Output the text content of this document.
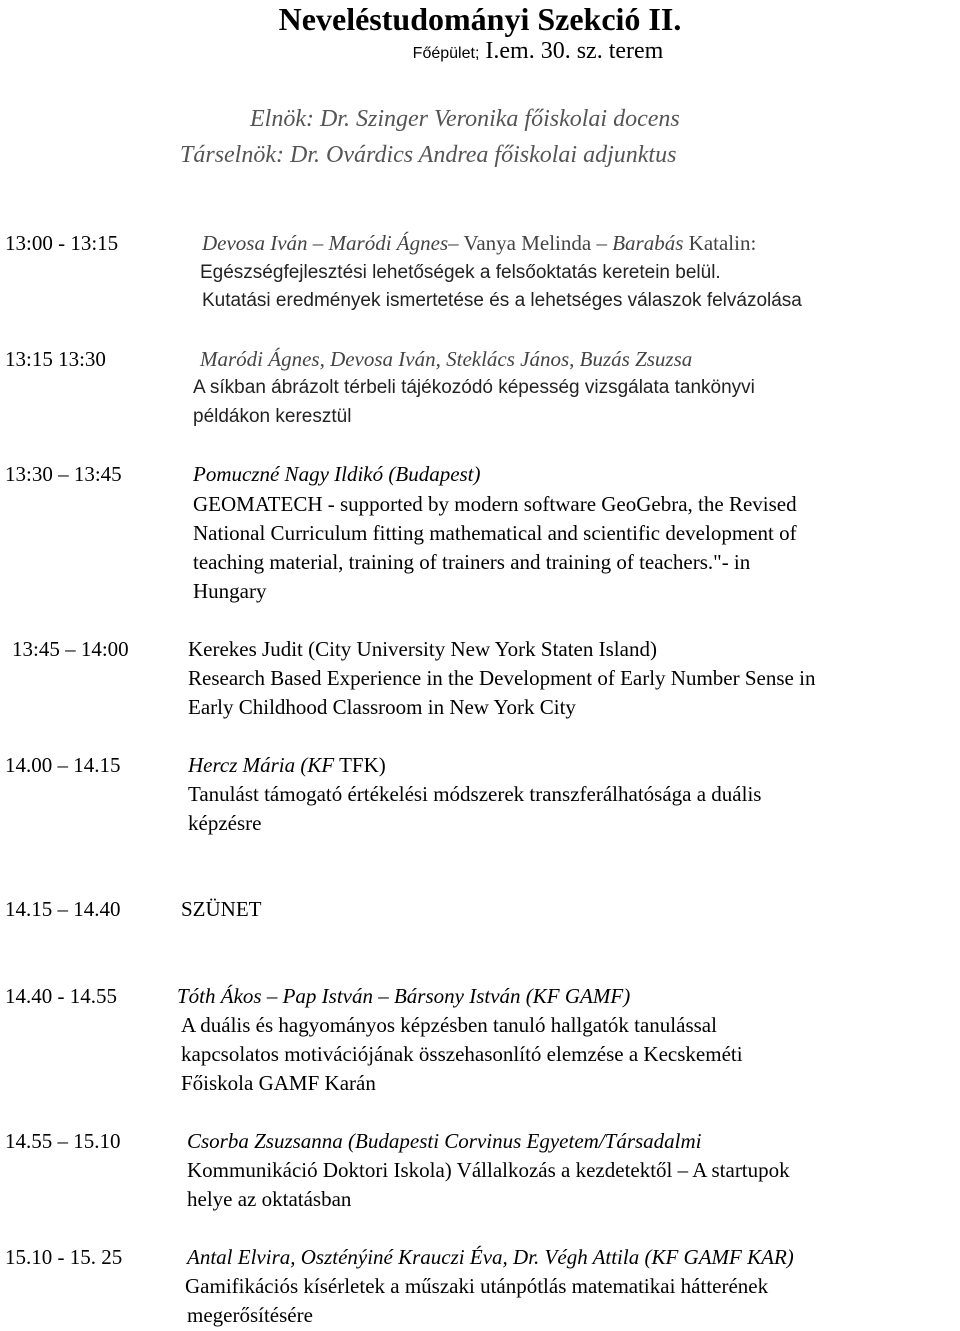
Neveléstudományi Szekció II.
Főépület; I.em. 30. sz. terem
Elnök: Dr. Szinger Veronika főiskolai docens
Társelnök: Dr. Ovárdics Andrea főiskolai adjunktus
13:00 - 13:15	Devosa Iván – Maródi Ágnes– Vanya Melinda – Barabás Katalin:
Egészségfejlesztési lehetőségek a felsőoktatás keretein belül.
Kutatási eredmények ismertetése és a lehetséges válaszok felvázolása
13:15 13:30	Maródi Ágnes, Devosa Iván, Steklács János, Buzás Zsuzsa
A síkban ábrázolt térbeli tájékozódó képesség vizsgálata tankönyvi
példákon keresztül
13:30 – 13:45	Pomuczné Nagy Ildikó (Budapest)
GEOMATECH - supported by modern software GeoGebra, the Revised
National Curriculum fitting mathematical and scientific development of
teaching material, training of trainers and training of teachers."- in
Hungary
13:45 – 14:00	Kerekes Judit (City University New York Staten Island)
Research Based Experience in the Development of Early Number Sense in
Early Childhood Classroom in New York City
14.00 – 14.15	Hercz Mária (KF TFK)
Tanulást támogató értékelési módszerek transzferálhatósága a duális
képzésre
14.15 – 14.40	SZÜNET
14.40 - 14.55	Tóth Ákos – Pap István – Bársony István (KF GAMF)
A duális és hagyományos képzésben tanuló hallgatók tanulással
kapcsolatos motivációjának összehasonlító elemzése a Kecskeméti
Főiskola GAMF Karán
14.55 – 15.10	Csorba Zsuzsanna (Budapesti Corvinus Egyetem/Társadalmi
Kommunikáció Doktori Iskola) Vállalkozás a kezdetektől – A startupok
helye az oktatásban
15.10 - 15. 25	Antal Elvira, Oszténýiné Krauczi Éva, Dr. Végh Attila (KF GAMF KAR)
Gamifikációs kísérletek a műszaki utánpótlás matematikai hátterének
megerősítésére
